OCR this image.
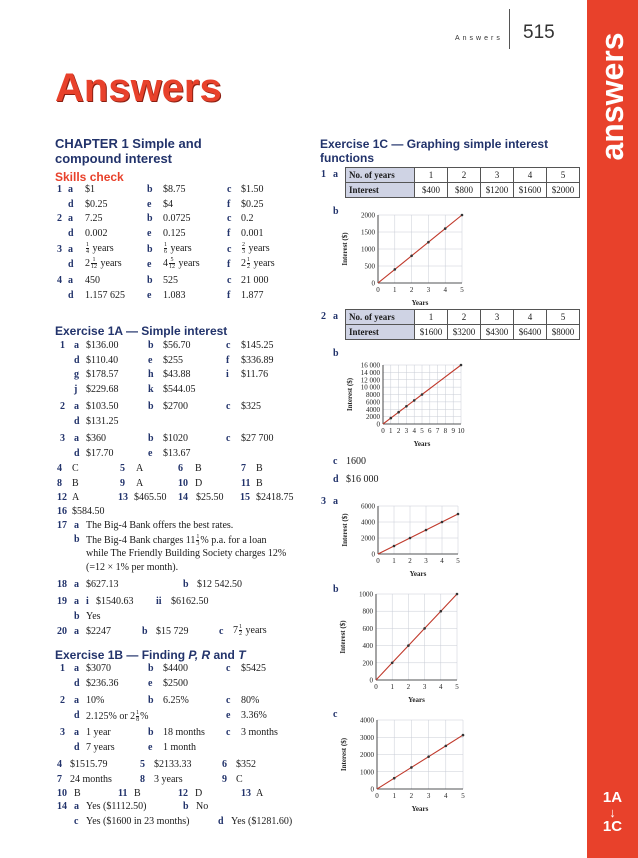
Answers 515 answers
1A
↓
1C
Answers
CHAPTER 1 Simple and
compound interest
Skills check
1 a $1	b $8.75	c $1.50
d $0.25	e $4	f $0.25
2 a 7.25	b 0.0725	c 0.2
d 0.002	e 0.125	f 0.001
3 a $\frac{1}{4}$ years	b $\frac{1}{6}$ years	c $\frac{2}{3}$ years
d $2 \frac{1}{12}$ years	e $4 \frac{5}{12}$ years	f $2 \frac{1}{2}$ years
4 a 450	b 525	c 21 000
d 1.157 625 e 1.083	f 1.877
Exercise 1A — Simple interest
1 a $136.00	b $56.70	c $145.25
d $110.40	e $255	f $336.89
g $178.57	h $43.88	i $11.76
j $229.68	k $544.05
2 a $103.50	b $2700	c $325
d $131.25
3 a $360	b $1020	c $27 700
d $17.70	e $13.67
4 C	5 A	6 B	7 B
8 B	9 A	10 D	11 B
12 A	13 $465.50 14 $25.50 15 $2418.75
16 $584.50
17 a The Big-4 Bank offers the best rates.
b The Big-4 Bank charges $11 \frac{1}{3}$ % p.a. for a loan
while The Friendly Building Society charges 12%
(=12 × 1% per month).
18 a $627.13	b $12 542.50
19 a i $1540.63 ii $6162.50
b Yes
20 a $2247	b $15 729	c $7 \frac{1}{2}$ years
Exercise 1B — Finding P, R and T
1 a $3070	b $4400	c $5425
d $236.36	e $2500
2 a 10%	b 6.25%	c 80%
d 2.125% or $2 \frac{1}{8}$ %	e 3.36%
3 a 1 year	b 18 months c 3 months
d 7 years	e 1 month
4 $1515.79	5 $2133.33	6 $352
7 24 months	8 3 years	9 C
10 B	11 B	12 D	13 A
14 a Yes ($1112.50)	b No
c Yes ($1600 in 23 months)	d Yes ($1281.60)
Exercise 1C — Graphing simple interest
functions
1 a
b
2 a
b
c 1600
d $16 000
3 a
b
c
No. of years	1	2	3	4	5
Interest	$400	$800	$1200	$1600	$2000
No. of years	1	2	3	4	5
Interest	$1600	$3200	$4300	$6400	$8000
0 1 2 3 4 5
0
500
1000
1500
2000
Years
Interest ($)
0 1 2 3 4 5 6 7 8 9 10
0
2000
4000
6000
8000
10 000
12 000
14 000
16 000
Years
Interest ($)
0 1 2 3 4 5
0
2000
4000
6000
Years
Interest ($)
0 1 2 3 4 5
0
200
400
600
800
1000
Years
Interest ($)
0 1 2 3 4 5
0
1000
2000
3000
4000
Years
Interest ($)
